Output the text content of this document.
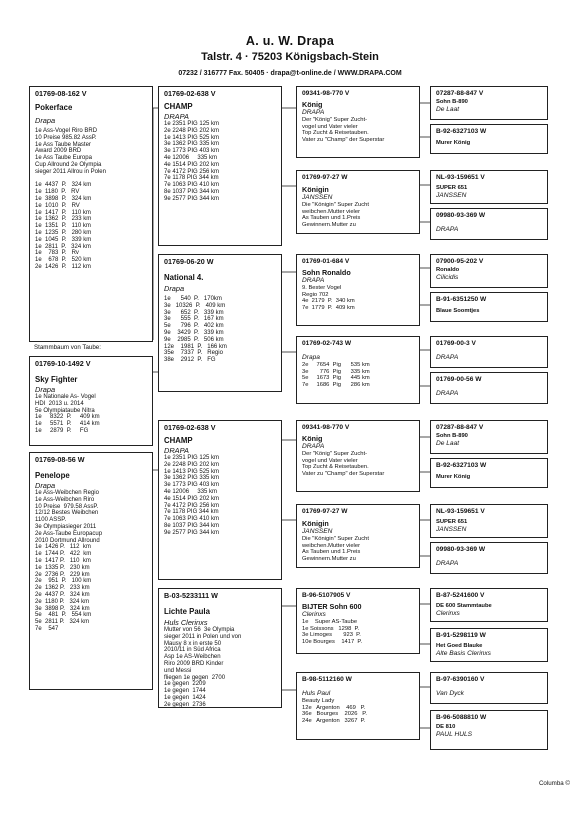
A. u. W. Drapa
Talstr. 4 · 75203 Königsbach-Stein
07232 / 316777 Fax. 50405 · drapa@t-online.de / WWW.DRAPA.COM
01769-08-162 V
Pokerface
Drapa
1e Ass-Vogel Riro BRD
10 Preise 985.82 AssP.
1e Ass Taube Master
Award 2009 BRD
1e Ass Taube Europa
Cup Allround 2e Olympia
sieger 2011 Allrou in Polen

1e  4437  P.   324 km
1e  1180  P.   RV
1e  3898  P.   324 km
1e  1010  P.   RV
1e  1417  P.   110 km
1e  1362  P.   233 km
1e  1351  P.   110 km
1e  1235  P.   280 km
1e  1045  P.   339 km
1e  2811  P.   324 km
1e    783  P.   Rv
1e    678  P.   520 km
2e  1426  P.   112 km
Stammbaum von Taube:
01769-10-1492 V
Sky Fighter
Drapa
1e Nationale As- Vogel
HDI  2013 u. 2014
5e Olympiataube Nitra
1e     8322  P.     409 km
1e     5571  P.     414 km
1e     2879  P.     FG
01769-08-56 W
Penelope
Drapa
1e Ass-Weibchen Regio
1e Ass-Weibchen Riro
10 Preise  979.58 AssP.
12/12 Bestes Weibchen
1100 ASSP.
3e Olympiasieger 2011
2e Ass-Taube Europacup
2010 Dortmund Allround
1e  1426 P.   112  km
1e  1744 P.   422  km
1e  1417 P.   110  km
1e  1335 P.   230 km
2e  2736 P.   229 km
2e    951  P.   100 km
2e  1362 P.   233 km
2e  4437 P.   324 km
2e  1180 P.   324 km
3e  3898 P.   324 km
5e    481  P.   554 km
5e  2811 P.   324 km
7e    547
01769-02-638 V
CHAMP
DRAPA
1e 2351 PIG 125 km
2e 2248 PIG 202 km
1e 1413 PIG 525 km
3e 1362 PIG 335 km
3e 1773 PIG 403 km
4e 12006     335 km
4e 1514 PIG 202 km
7e 4172 PIG 256 km
7e 1178 PIG 344 km
7e 1063 PIG 410 km
8e 1037 PIG 344 km
9e 2577 PIG 344 km
01769-06-20 W
National 4.
Drapa
1e      540  P.   170km
3e   10326  P.   409 km
3e      652  P.   339 km
3e      555  P.   167 km
5e      796  P.   402 km
9e    3429  P.   339 km
9e    2985  P.   506 km
12e    1981  P.   166 km
35e    7337  P.   Regio
38e    2912  P.   FG
01769-02-638 V
CHAMP
DRAPA
1e 2351 PIG 125 km
2e 2248 PIG 202 km
1e 1413 PIG 525 km
3e 1362 PIG 335 km
3e 1773 PIG 403 km
4e 12006     335 km
4e 1514 PIG 202 km
7e 4172 PIG 256 km
7e 1178 PIG 344 km
7e 1063 PIG 410 km
8e 1037 PIG 344 km
9e 2577 PIG 344 km
B-03-5233111 W
Lichte Paula
Huls Clerinxs
Mutter von 56  3e Olympia
sieger 2011 in Polen und von
Mausy 8 x in erste 50
2010/11 in Süd Africa
Asp 1e AS-Weibchen
Riro 2009 BRD Kinder
und Messi
fliegen 1e gegen  2700
1e gegen  2209
1e gegen  1744
1e gegen  1424
2e gegen  2736
09341-98-770 V
König
DRAPA
Der "König" Super Zucht-
vogel und Vater vieler
Top Zucht & Reisetauben.
Vater zu "Champ" der Superstar
01769-97-27 W
Königin
JANSSEN
Die "Königin" Super Zucht
weibchen.Mutter vieler
As Tauben und 1.Preis
Gewinnern.Mutter zu
01769-01-684 V
Sohn Ronaldo
DRAPA
9. Bester Vogel
Regio 702
4e  2179  P.  340 km
7e  1779  P.  409 km
01769-02-743 W
Drapa
2e     7654  Pig      535 km
3e       776  Pig      335 km
5e     1673  Pig      445 km
7e     1686  Pig      286 km
09341-98-770 V
König
DRAPA
Der "König" Super Zucht-
vogel und Vater vieler
Top Zucht & Reisetauben.
Vater zu "Champ" der Superstar
01769-97-27 W
Königin
JANSSEN
Die "Königin" Super Zucht
weibchen.Mutter vieler
As Tauben und 1.Preis
Gewinnern.Mutter zu
B-96-5107905 V
BIJTER Sohn 600
Clerinxs
1e    Super AS-Taube
1e Soissons   1298  P.
3e Limoges       923  P.
10e Bourges    1417  P.
B-98-5112160 W
Huls Paul
Beauty Lady
12e   Argenton    469   P.
36e   Bourges    2026   P.
24e   Argenton   3267  P.
07287-88-847 V
Sohn B-890
De Laat
B-92-6327103 W
Murer König
NL-93-159651 V
SUPER 651
JANSSEN
09980-93-369 W
DRAPA
07900-95-202 V
Ronaldo
Cilicidis
B-91-6351250 W
Blaue Soomtjes
01769-00-3 V
DRAPA
01769-00-56 W
DRAPA
07287-88-847 V
Sohn B-890
De Laat
B-92-6327103 W
Murer König
NL-93-159651 V
SUPER 651
JANSSEN
09980-93-369 W
DRAPA
B-87-5241600 V
DE 600 Stammtaube
Clerinxs
B-91-5298119 W
Het Goed Blauke
Alte Basis Clerinxs
B-97-6390160 V
Van Dyck
B-96-5088810 W
DE 810
PAUL HULS
Columba ©
